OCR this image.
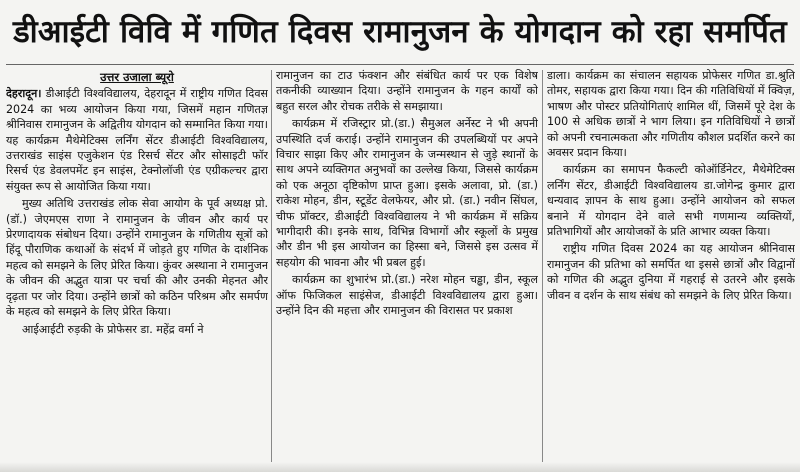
डीआईटी विवि में गणित दिवस रामानुजन के योगदान को रहा समर्पित
उत्तर उजाला ब्यूरो

देहरादून। डीआईटी विश्वविद्यालय, देहरादून में राष्ट्रीय गणित दिवस 2024 का भव्य आयोजन किया गया, जिसमें महान गणितज्ञ श्रीनिवास रामानुजन के अद्वितीय योगदान को सम्मानित किया गया। यह कार्यक्रम मैथेमेटिक्स लर्निंग सेंटर डीआईटी विश्वविद्यालय, उत्तराखंड साइंस एजुकेशन एंड रिसर्च सेंटर और सोसाइटी फॉर रिसर्च एंड डेवलपमेंट इन साइंस, टेक्नोलॉजी एंड एग्रीकल्चर द्वारा संयुक्त रूप से आयोजित किया गया।

मुख्य अतिथि उत्तराखंड लोक सेवा आयोग के पूर्व अध्यक्ष प्रो. (डॉ.) जेएमएस राणा ने रामानुजन के जीवन और कार्य पर प्रेरणादायक संबोधन दिया। उन्होंने रामानुजन के गणितीय सूत्रों को हिंदू पौराणिक कथाओं के संदर्भ में जोड़ते हुए गणित के दार्शनिक महत्व को समझने के लिए प्रेरित किया। कुंवर अस्थाना ने रामानुजन के जीवन की अद्भुत यात्रा पर चर्चा की और उनकी मेहनत और दृढ़ता पर जोर दिया। उन्होंने छात्रों को कठिन परिश्रम और समर्पण के महत्व को समझने के लिए प्रेरित किया।

आईआईटी रुड़की के प्रोफेसर डा. महेंद्र वर्मा ने

रामानुजन का टाउ फंक्शन और संबंधित कार्य पर एक विशेष तकनीकी व्याख्यान दिया। उन्होंने रामानुजन के गहन कार्यों को बहुत सरल और रोचक तरीके से समझाया।

कार्यक्रम में रजिस्ट्रार प्रो.(डा.) सैमुअल अर्नेस्ट ने भी अपनी उपस्थिति दर्ज कराई। उन्होंने रामानुजन की उपलब्धियों पर अपने विचार साझा किए और रामानुजन के जन्मस्थान से जुड़े स्थानों के साथ अपने व्यक्तिगत अनुभवों का उल्लेख किया, जिससे कार्यक्रम को एक अनूठा दृष्टिकोण प्राप्त हुआ। इसके अलावा, प्रो. (डा.) राकेश मोहन, डीन, स्टूडेंट वेलफेयर, और प्रो. (डा.) नवीन सिंघल, चीफ प्रॉक्टर, डीआईटी विश्वविद्यालय ने भी कार्यक्रम में सक्रिय भागीदारी की। इनके साथ, विभिन्न विभागों और स्कूलों के प्रमुख और डीन भी इस आयोजन का हिस्सा बने, जिससे इस उत्सव में सहयोग की भावना और भी प्रबल हुई।

कार्यक्रम का शुभारंभ प्रो.(डा.) नरेश मोहन चड्ढा, डीन, स्कूल ऑफ फिजिकल साइंसेज, डीआईटी विश्वविद्यालय द्वारा हुआ। उन्होंने दिन की महत्ता और रामानुजन की विरासत पर प्रकाश

डाला। कार्यक्रम का संचालन सहायक प्रोफेसर गणित डा.श्रुति तोमर, सहायक द्वारा किया गया। दिन की गतिविधियों में क्विज़, भाषण और पोस्टर प्रतियोगिताएं शामिल थीं, जिसमें पूरे देश के 100 से अधिक छात्रों ने भाग लिया। इन गतिविधियों ने छात्रों को अपनी रचनात्मकता और गणितीय कौशल प्रदर्शित करने का अवसर प्रदान किया।

कार्यक्रम का समापन फैकल्टी कोऑर्डिनेटर, मैथेमेटिक्स लर्निंग सेंटर, डीआईटी विश्वविद्यालय डा.जोगेन्द्र कुमार द्वारा धन्यवाद ज्ञापन के साथ हुआ। उन्होंने आयोजन को सफल बनाने में योगदान देने वाले सभी गणमान्य व्यक्तियों, प्रतिभागियों और आयोजकों के प्रति आभार व्यक्त किया।

राष्ट्रीय गणित दिवस 2024 का यह आयोजन श्रीनिवास रामानुजन की प्रतिभा को समर्पित था इससे छात्रों और विद्वानों को गणित की अद्भुत दुनिया में गहराई से उतरने और इसके जीवन व दर्शन के साथ संबंध को समझने के लिए प्रेरित किया।
